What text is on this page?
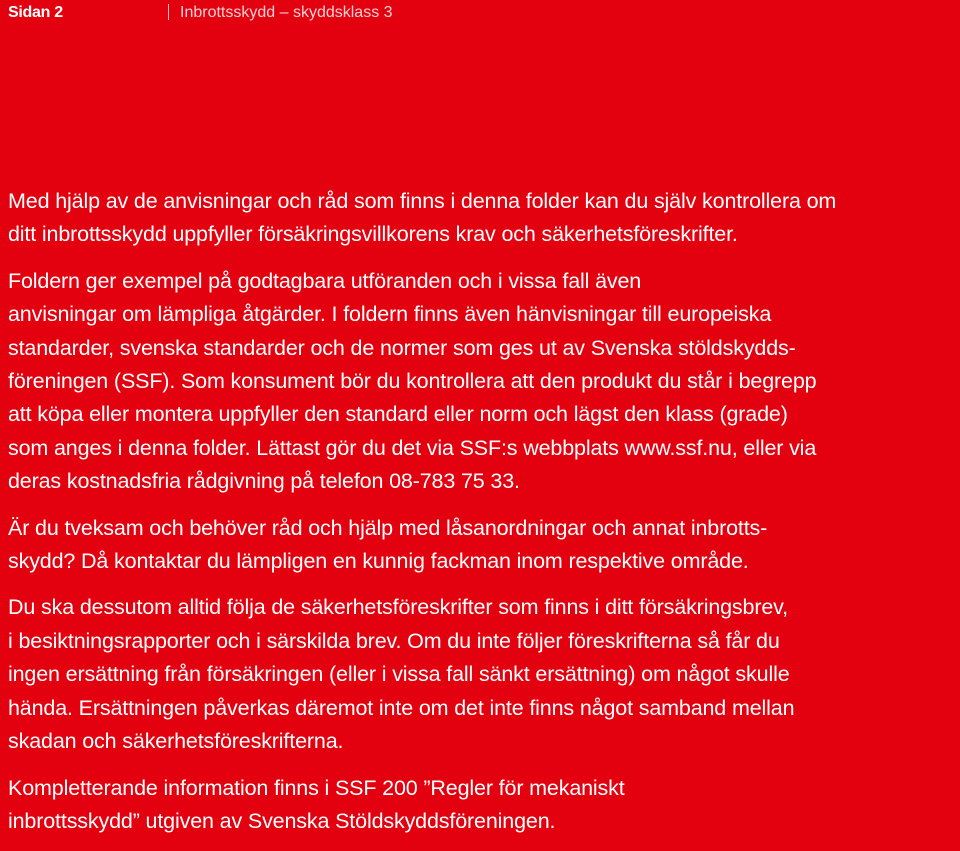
Sidan 2	Inbrottsskydd – skyddsklass 3

Med hjälp av de anvisningar och råd som finns i denna folder kan du själv kontrollera om
ditt inbrottsskydd uppfyller försäkringsvillkorens krav och säkerhetsföreskrifter.

Foldern ger exempel på godtagbara utföranden och i vissa fall även
anvisningar om lämpliga åtgärder. I foldern finns även hänvisningar till europeiska
standarder, svenska standarder och de normer som ges ut av Svenska stöldskydds-
föreningen (SSF). Som konsument bör du kontrollera att den produkt du står i begrepp
att köpa eller montera uppfyller den standard eller norm och lägst den klass (grade)
som anges i denna folder. Lättast gör du det via SSF:s webbplats www.ssf.nu, eller via
deras kostnadsfria rådgivning på telefon 08-783 75 33.

Är du tveksam och behöver råd och hjälp med låsanordningar och annat inbrotts-
skydd? Då kontaktar du lämpligen en kunnig fackman inom respektive område.

Du ska dessutom alltid följa de säkerhetsföreskrifter som finns i ditt försäkringsbrev,
i besiktningsrapporter och i särskilda brev. Om du inte följer föreskrifterna så får du
ingen ersättning från försäkringen (eller i vissa fall sänkt ersättning) om något skulle
hända. Ersättningen påverkas däremot inte om det inte finns något samband mellan
skadan och säkerhetsföreskrifterna.

Kompletterande information finns i SSF 200 ”Regler för mekaniskt
inbrottsskydd” utgiven av Svenska Stöldskyddsföreningen.
